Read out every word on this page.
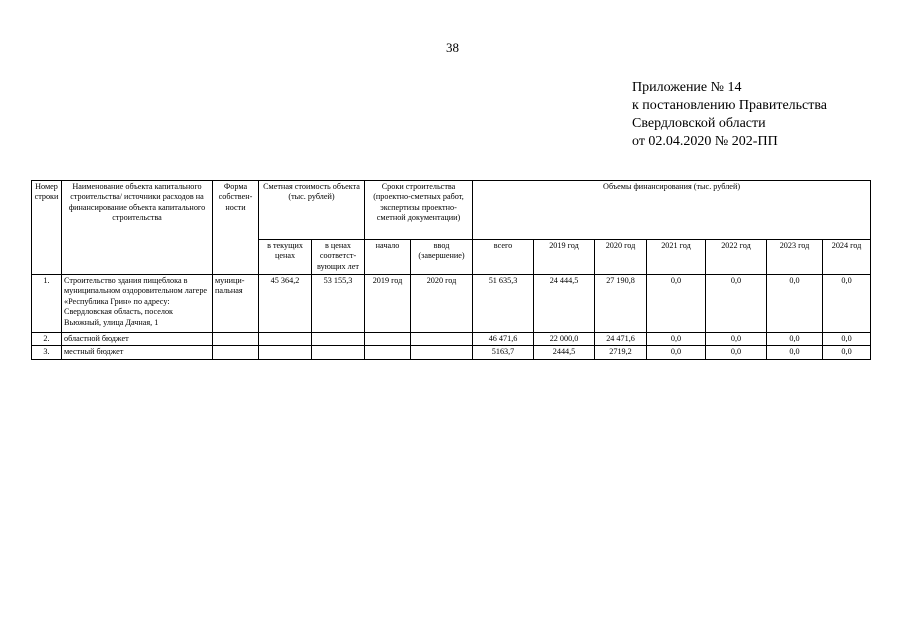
38
Приложение № 14
к постановлению Правительства
Свердловской области
от 02.04.2020 № 202-ПП
Номер строки	Наименование объекта капитального строительства/ источники расходов на финансирование объекта капитального строительства	Форма собствен-ности	Сметная стоимость объекта (тыс. рублей)		Сроки строительства (проектно-сметных работ, экспертизы проектно-сметной документации)		Объемы финансирования (тыс. рублей)						
			в текущих ценах	в ценах соответст-вующих лет	начало	ввод (завершение)	всего	2019 год	2020 год	2021 год	2022 год	2023 год	2024 год
1.	Строительство здания пищеблока в муниципальном оздоровительном лагере «Республика Грин» по адресу: Свердловская область, поселок Вьюжный, улица Дачная, 1	муници-пальная	45 364,2	53 155,3	2019 год	2020 год	51 635,3	24 444,5	27 190,8	0,0	0,0	0,0	0,0
2.	областной бюджет						46 471,6	22 000,0	24 471,6	0,0	0,0	0,0	0,0
3.	местный бюджет						5163,7	2444,5	2719,2	0,0	0,0	0,0	0,0
